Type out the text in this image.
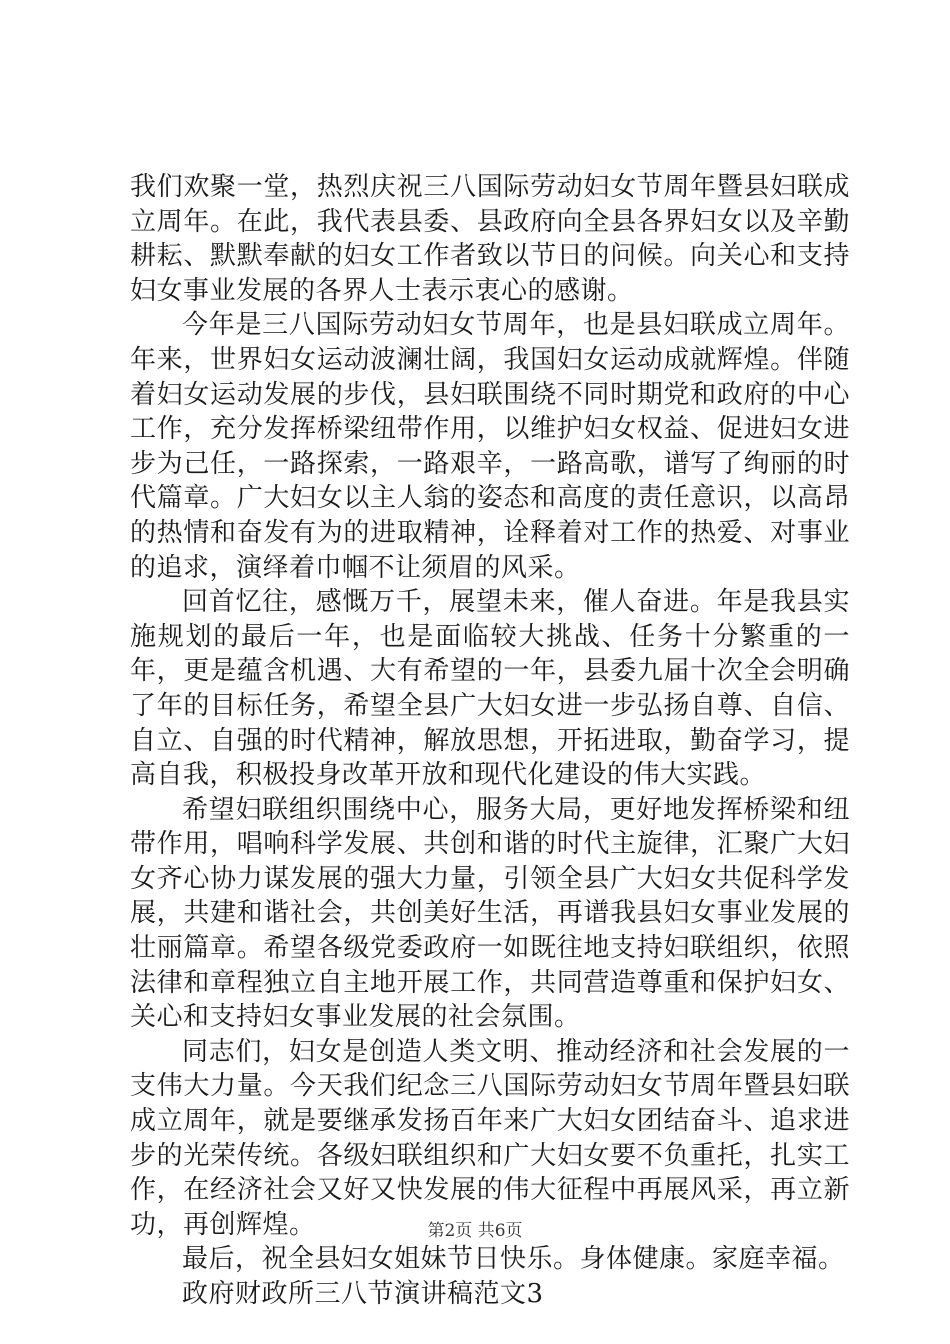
我们欢聚一堂，热烈庆祝三八国际劳动妇女节周年暨县妇联成立周年。在此，我代表县委、县政府向全县各界妇女以及辛勤耕耘、默默奉献的妇女工作者致以节日的问候。向关心和支持妇女事业发展的各界人士表示衷心的感谢。

今年是三八国际劳动妇女节周年，也是县妇联成立周年。年来，世界妇女运动波澜壮阔，我国妇女运动成就辉煌。伴随着妇女运动发展的步伐，县妇联围绕不同时期党和政府的中心工作，充分发挥桥梁纽带作用，以维护妇女权益、促进妇女进步为己任，一路探索，一路艰辛，一路高歌，谱写了绚丽的时代篇章。广大妇女以主人翁的姿态和高度的责任意识，以高昂的热情和奋发有为的进取精神，诠释着对工作的热爱、对事业的追求，演绎着巾帼不让须眉的风采。

回首忆往，感慨万千，展望未来，催人奋进。年是我县实施规划的最后一年，也是面临较大挑战、任务十分繁重的一年，更是蕴含机遇、大有希望的一年，县委九届十次全会明确了年的目标任务，希望全县广大妇女进一步弘扬自尊、自信、自立、自强的时代精神，解放思想，开拓进取，勤奋学习，提高自我，积极投身改革开放和现代化建设的伟大实践。

希望妇联组织围绕中心，服务大局，更好地发挥桥梁和纽带作用，唱响科学发展、共创和谐的时代主旋律，汇聚广大妇女齐心协力谋发展的强大力量，引领全县广大妇女共促科学发展，共建和谐社会，共创美好生活，再谱我县妇女事业发展的壮丽篇章。希望各级党委政府一如既往地支持妇联组织，依照法律和章程独立自主地开展工作，共同营造尊重和保护妇女、关心和支持妇女事业发展的社会氛围。

同志们，妇女是创造人类文明、推动经济和社会发展的一支伟大力量。今天我们纪念三八国际劳动妇女节周年暨县妇联成立周年，就是要继承发扬百年来广大妇女团结奋斗、追求进步的光荣传统。各级妇联组织和广大妇女要不负重托，扎实工作，在经济社会又好又快发展的伟大征程中再展风采，再立新功，再创辉煌。

最后，祝全县妇女姐妹节日快乐。身体健康。家庭幸福。

政府财政所三八节演讲稿范文3

第2页 共6页
